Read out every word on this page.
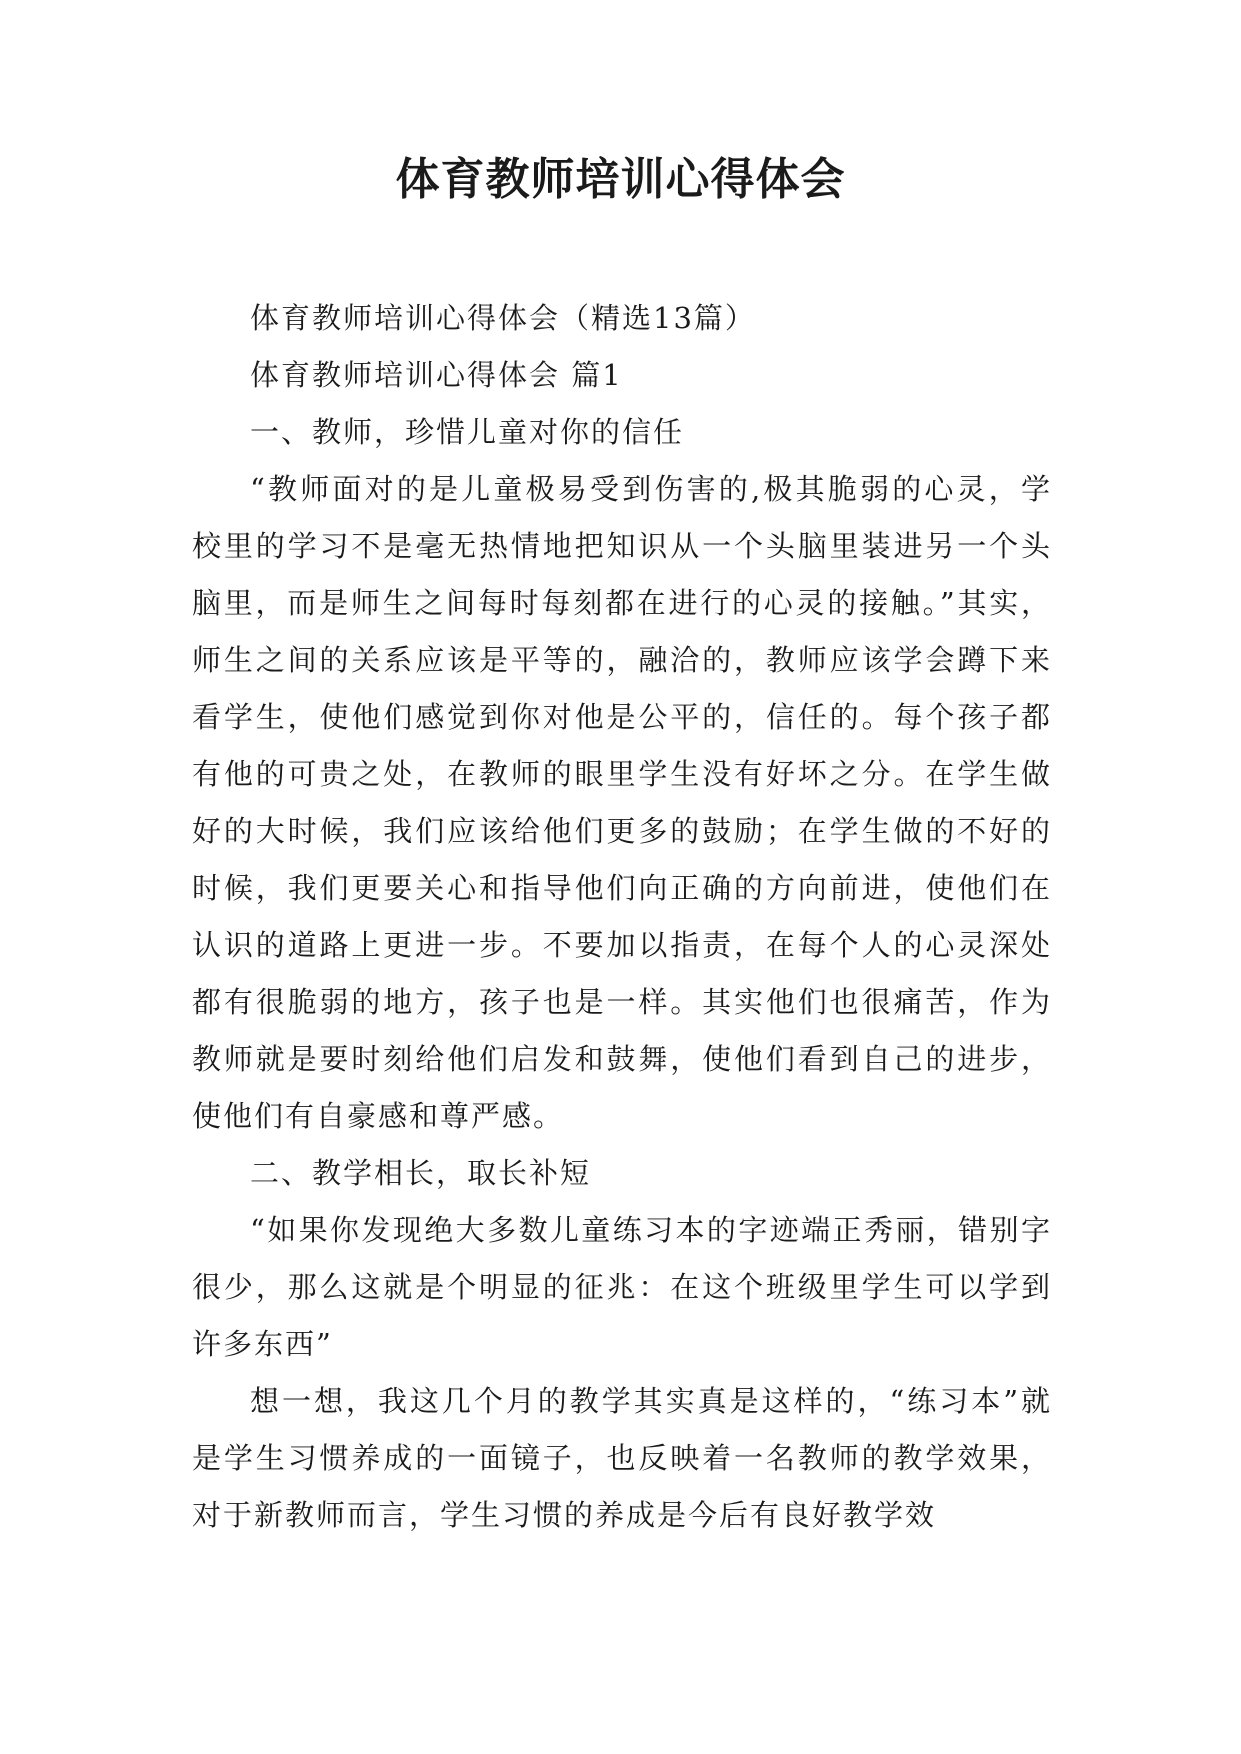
体育教师培训心得体会

体育教师培训心得体会（精选13篇）

体育教师培训心得体会 篇1

一、教师，珍惜儿童对你的信任

“教师面对的是儿童极易受到伤害的,极其脆弱的心灵，学校里的学习不是毫无热情地把知识从一个头脑里装进另一个头脑里，而是师生之间每时每刻都在进行的心灵的接触。”其实，师生之间的关系应该是平等的，融洽的，教师应该学会蹲下来看学生，使他们感觉到你对他是公平的，信任的。每个孩子都有他的可贵之处，在教师的眼里学生没有好坏之分。在学生做好的大时候，我们应该给他们更多的鼓励；在学生做的不好的时候，我们更要关心和指导他们向正确的方向前进，使他们在认识的道路上更进一步。不要加以指责，在每个人的心灵深处都有很脆弱的地方，孩子也是一样。其实他们也很痛苦，作为教师就是要时刻给他们启发和鼓舞，使他们看到自己的进步，使他们有自豪感和尊严感。

二、教学相长，取长补短

“如果你发现绝大多数儿童练习本的字迹端正秀丽，错别字很少，那么这就是个明显的征兆：在这个班级里学生可以学到许多东西”

想一想，我这几个月的教学其实真是这样的，“练习本”就是学生习惯养成的一面镜子，也反映着一名教师的教学效果，对于新教师而言，学生习惯的养成是今后有良好教学效
